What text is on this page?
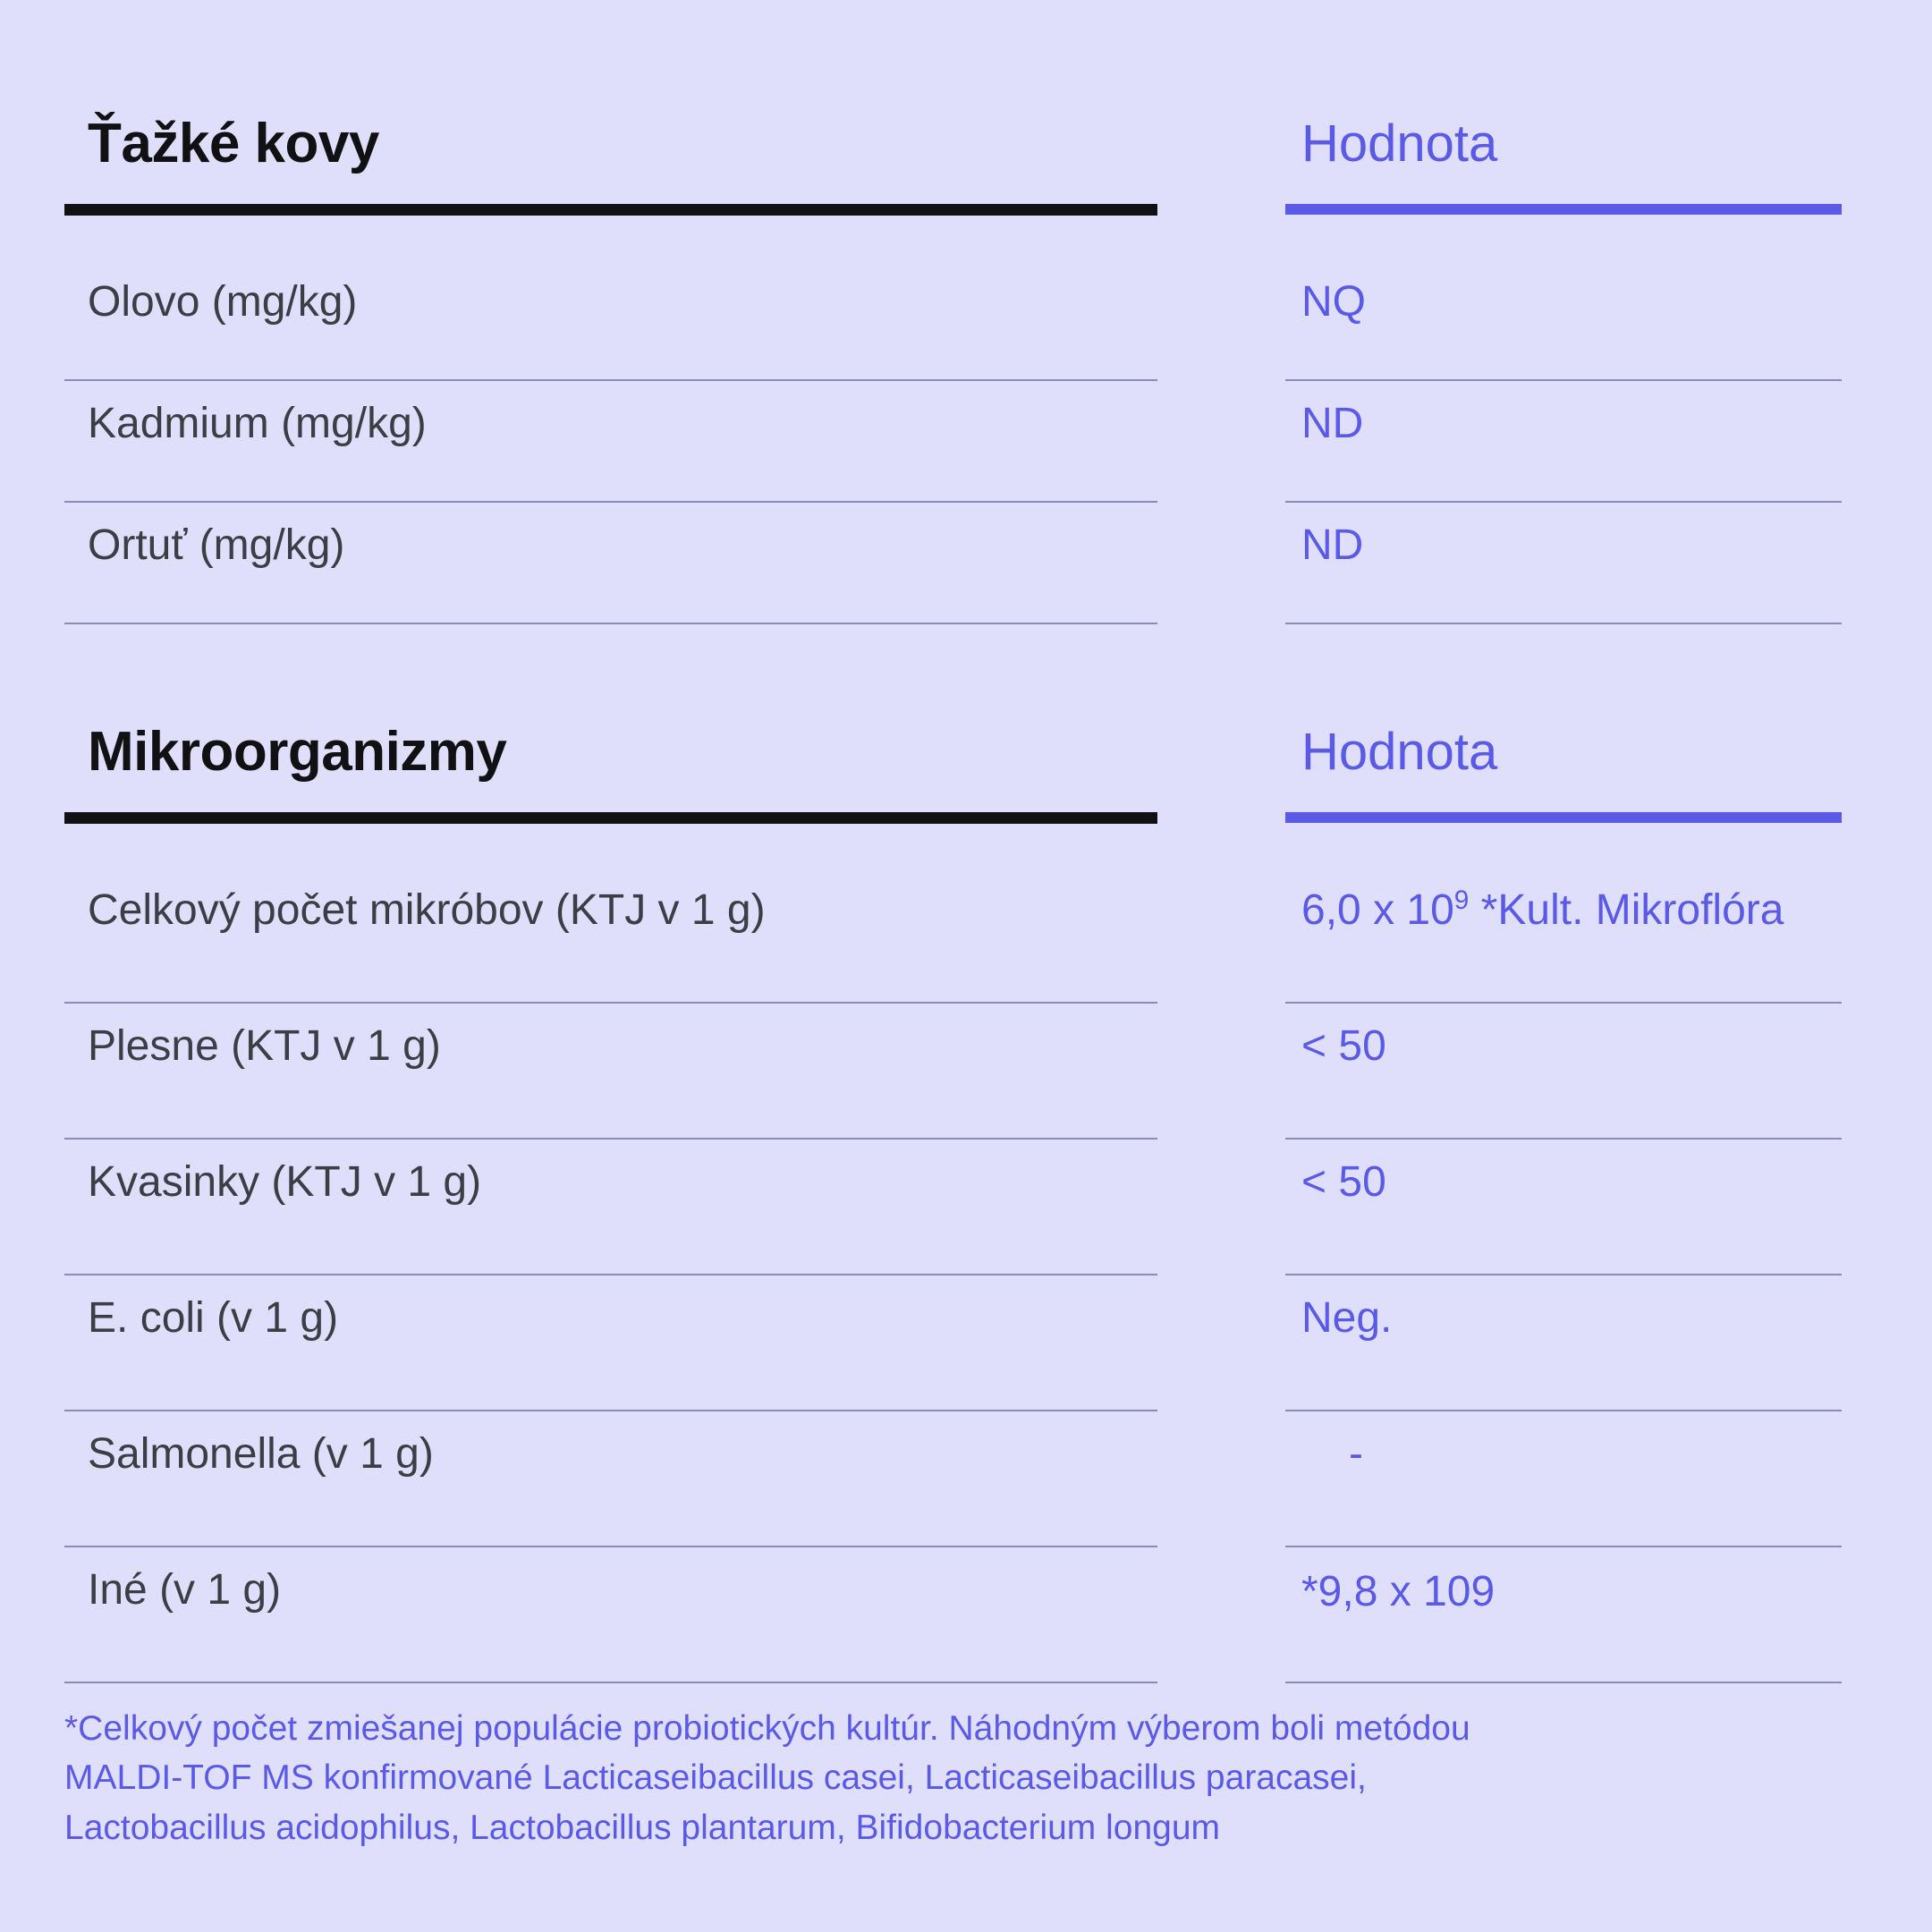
Ťažké kovy	Hodnota
Olovo (mg/kg)	NQ
Kadmium (mg/kg)	ND
Ortuť (mg/kg)	ND
Mikroorganizmy	Hodnota
Celkový počet mikróbov (KTJ v 1 g)	6,0 x $10^9$ *Kult. Mikroflóra
Plesne (KTJ v 1 g)	< 50
Kvasinky (KTJ v 1 g)	< 50
E. coli (v 1 g)	Neg.
Salmonella (v 1 g)	-
Iné (v 1 g)	*9,8 x 109
*Celkový počet zmiešanej populácie probiotických kultúr. Náhodným výberom boli metódou
MALDI-TOF MS konfirmované Lacticaseibacillus casei, Lacticaseibacillus paracasei,
Lactobacillus acidophilus, Lactobacillus plantarum, Bifidobacterium longum
